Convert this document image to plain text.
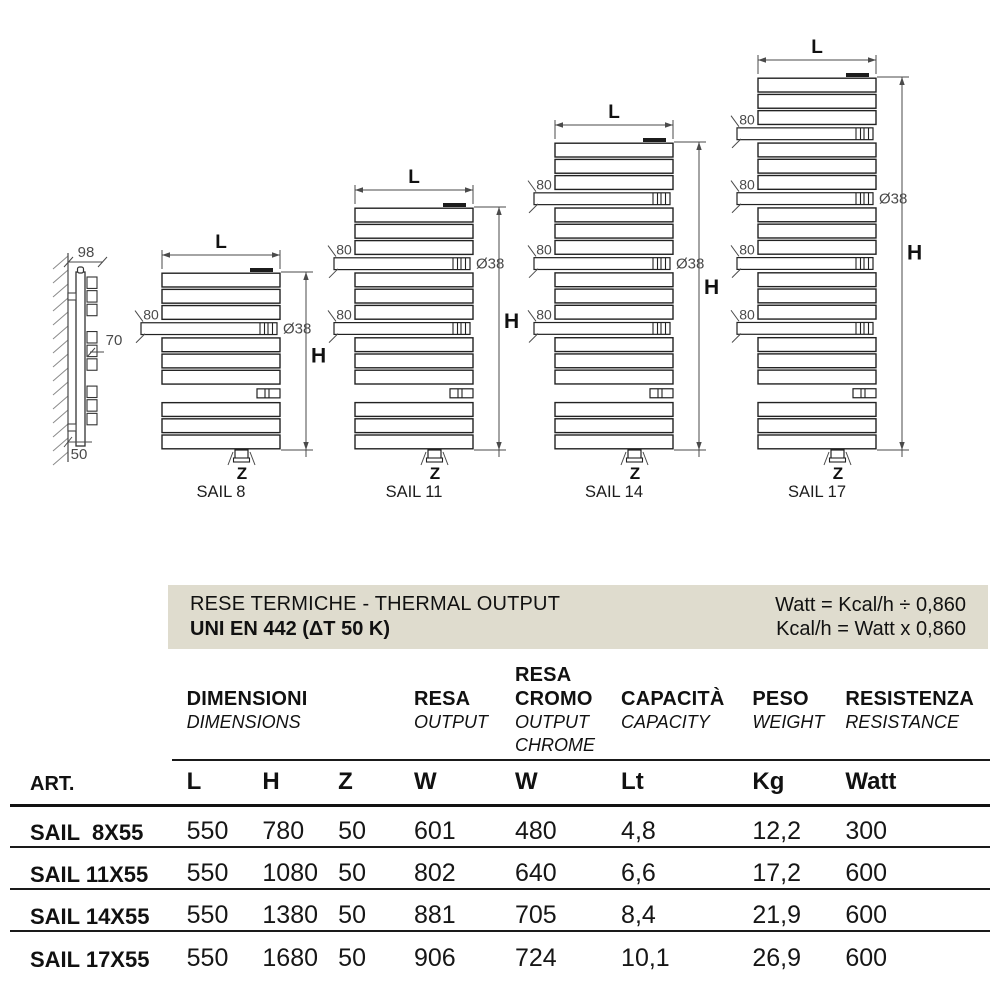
98
70
50
L
H
80
Ø38
Z
SAIL 8
L
H
80
Ø38
80
Z
SAIL 11
L
H
80
80
Ø38
80
Z
SAIL 14
L
H
80
80
Ø38
80
80
Z
SAIL 17
RESE TERMICHE - THERMAL OUTPUT
UNI EN 442 (ΔT 50 K)
Watt = Kcal/h ÷ 0,860
Kcal/h = Watt x 0,860

DIMENSIONI
DIMENSIONS

RESA
OUTPUT

RESA
CROMO
OUTPUT
CHROME

CAPACITÀ
CAPACITY

PESO
WEIGHT

RESISTENZA
RESISTANCE

ART.	L	H	Z	W	W	Lt	Kg	Watt
SAIL  8X55	550	780	50	601	480	4,8	12,2	300
SAIL 11X55	550	1080	50	802	640	6,6	17,2	600
SAIL 14X55	550	1380	50	881	705	8,4	21,9	600
SAIL 17X55	550	1680	50	906	724	10,1	26,9	600
